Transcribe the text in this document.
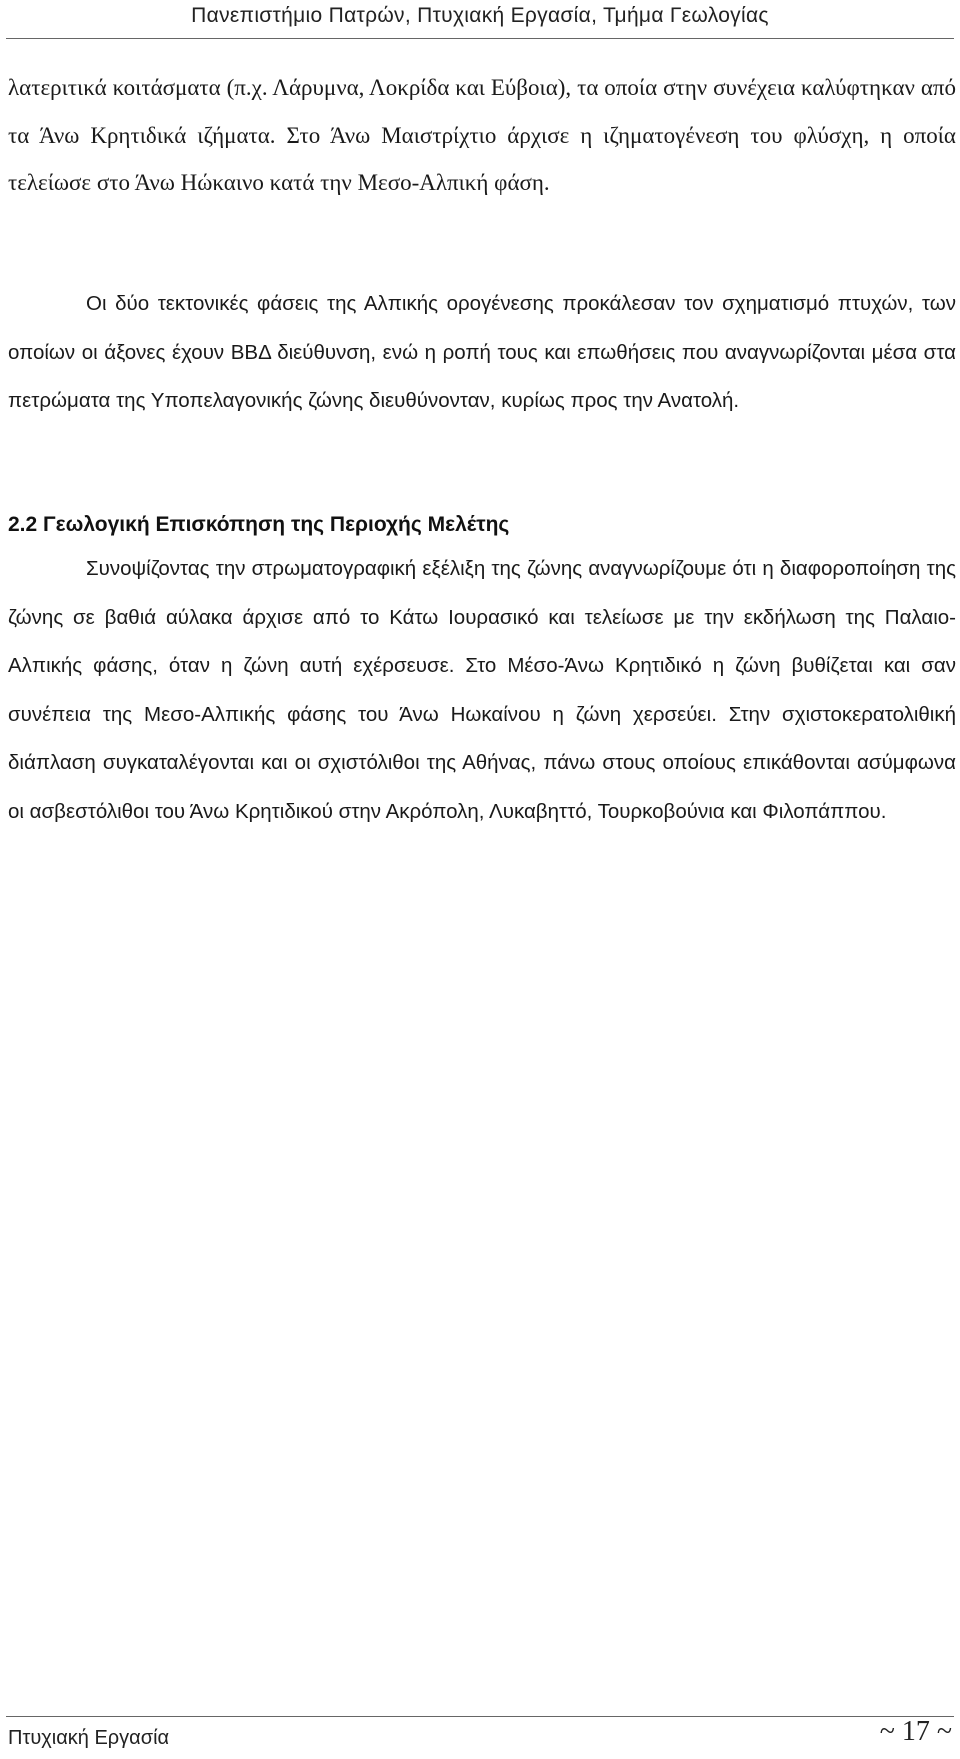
Πανεπιστήμιο Πατρών, Πτυχιακή Εργασία, Τμήμα Γεωλογίας

λατεριτικά κοιτάσματα (π.χ. Λάρυμνα, Λοκρίδα και Εύβοια), τα οποία στην συνέχεια καλύφτηκαν από τα Άνω Κρητιδικά ιζήματα. Στο Άνω Μαιστρίχτιο άρχισε η ιζηματογένεση του φλύσχη, η οποία τελείωσε στο Άνω Ηώκαινο κατά την Μεσο-Αλπική φάση.

Οι δύο τεκτονικές φάσεις της Αλπικής ορογένεσης προκάλεσαν τον σχηματισμό πτυχών, των οποίων οι άξονες έχουν ΒΒΔ διεύθυνση, ενώ η ροπή τους και επωθήσεις που αναγνωρίζονται μέσα στα πετρώματα της Υποπελαγονικής ζώνης διευθύνονταν, κυρίως προς την Ανατολή.

2.2 Γεωλογική Επισκόπηση της Περιοχής Μελέτης

Συνοψίζοντας την στρωματογραφική εξέλιξη της ζώνης αναγνωρίζουμε ότι η διαφοροποίηση της ζώνης σε βαθιά αύλακα άρχισε από το Κάτω Ιουρασικό και τελείωσε με την εκδήλωση της Παλαιο-Αλπικής φάσης, όταν η ζώνη αυτή εχέρσευσε. Στο Μέσο-Άνω Κρητιδικό η ζώνη βυθίζεται και σαν συνέπεια της Μεσο-Αλπικής φάσης του Άνω Ηωκαίνου η ζώνη χερσεύει. Στην σχιστοκερατολιθική διάπλαση συγκαταλέγονται και οι σχιστόλιθοι της Αθήνας, πάνω στους οποίους επικάθονται ασύμφωνα οι ασβεστόλιθοι του Άνω Κρητιδικού στην Ακρόπολη, Λυκαβηττό, Τουρκοβούνια και Φιλοπάππου.

Πτυχιακή Εργασία	~ 17 ~
